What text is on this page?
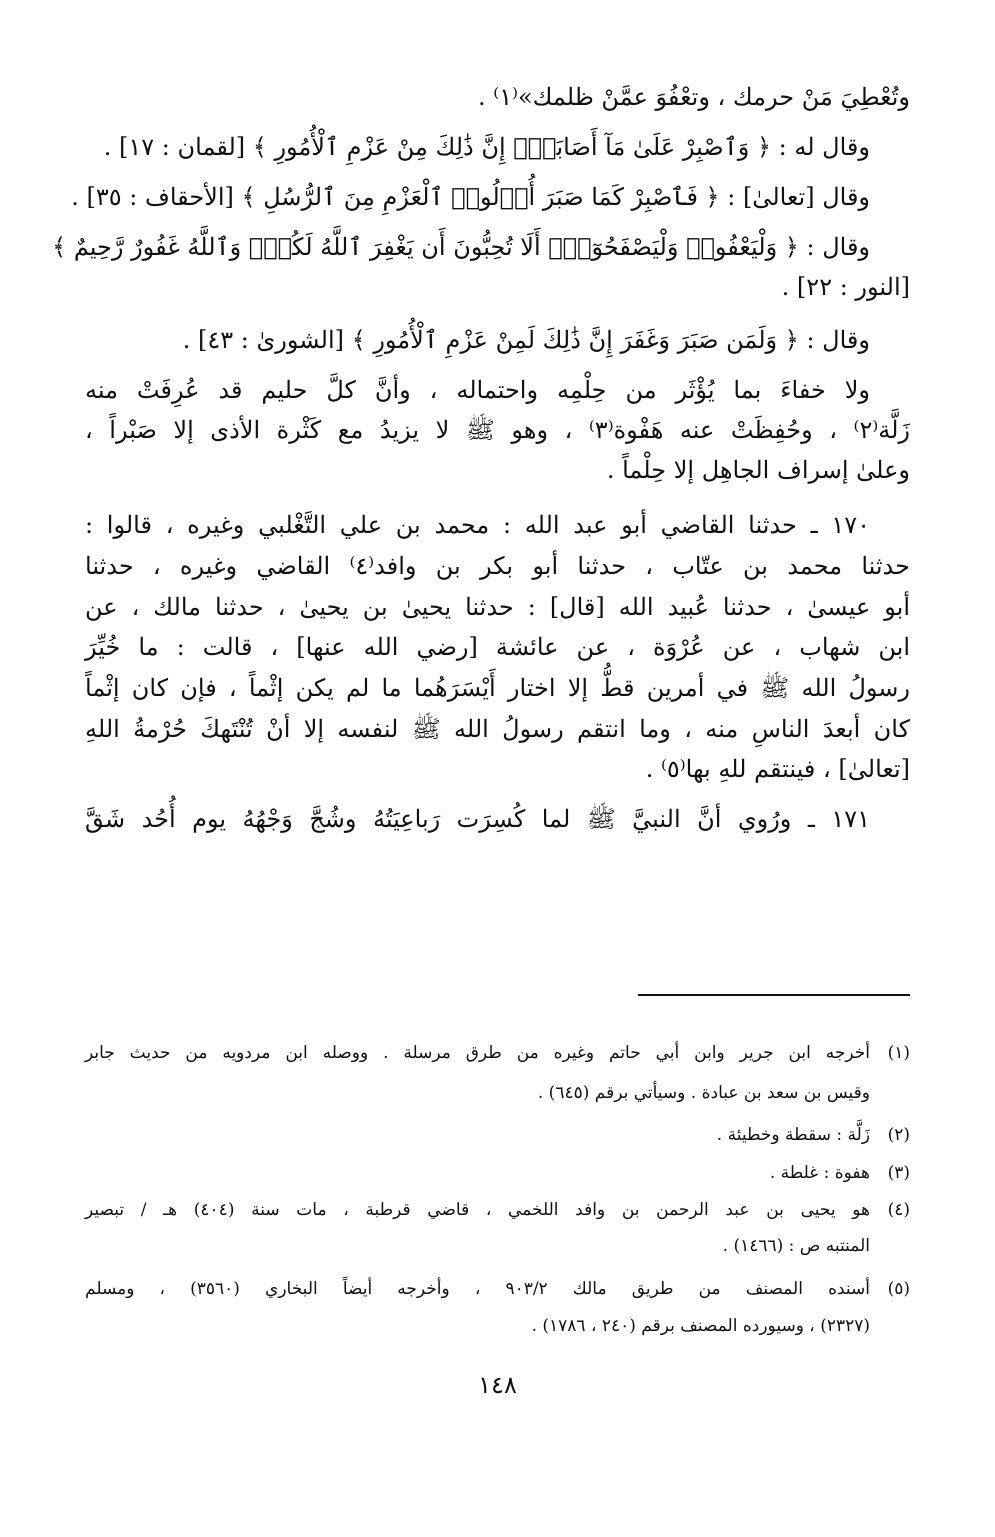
وتُعْطِيَ مَنْ حرمك ، وتعْفُوَ عمَّنْ ظلمك»⁽١⁾ .
وقال له : ﴿ وَٱصْبِرْ عَلَىٰ مَآ أَصَابَكَۖ إِنَّ ذَٰلِكَ مِنْ عَزْمِ ٱلْأُمُورِ ﴾ [لقمان : ١٧] .
وقال [تعالىٰ] : ﴿ فَٱصْبِرْ كَمَا صَبَرَ أُو۟لُوا۟ ٱلْعَزْمِ مِنَ ٱلرُّسُلِ ﴾ [الأحقاف : ٣٥] .
وقال : ﴿ وَلْيَعْفُوا۟ وَلْيَصْفَحُوٓا۟ۗ أَلَا تُحِبُّونَ أَن يَغْفِرَ ٱللَّهُ لَكُمْۗ وَٱللَّهُ غَفُورٌ رَّحِيمٌ ﴾
[النور : ٢٢] .
وقال : ﴿ وَلَمَن صَبَرَ وَغَفَرَ إِنَّ ذَٰلِكَ لَمِنْ عَزْمِ ٱلْأُمُورِ ﴾ [الشورىٰ : ٤٣] .
ولا خفاءَ بما يُؤْثَر من حِلْمِه واحتماله ، وأنَّ كلَّ حليم قد عُرِفَتْ منه
زَلَّة⁽٢⁾ ، وحُفِظَتْ عنه هَفْوة⁽٣⁾ ، وهو ﷺ لا يزيدُ مع كَثْرة الأذى إلا صَبْراً ،
وعلىٰ إسراف الجاهِل إلا حِلْماً .
١٧٠ ـ حدثنا القاضي أبو عبد الله : محمد بن علي التَّغْلبي وغيره ، قالوا :
حدثنا محمد بن عتّاب ، حدثنا أبو بكر بن وافد⁽٤⁾ القاضي وغيره ، حدثنا
أبو عيسىٰ ، حدثنا عُبيد الله [قال] : حدثنا يحيىٰ بن يحيىٰ ، حدثنا مالك ، عن
ابن شهاب ، عن عُرْوَة ، عن عائشة [رضي الله عنها] ، قالت : ما خُيِّرَ
رسولُ الله ﷺ في أمرين قطُّ إلا اختار أَيْسَرَهُما ما لم يكن إثْماً ، فإن كان إثْماً
كان أبعدَ الناسِ منه ، وما انتقم رسولُ الله ﷺ لنفسه إلا أنْ تُنْتَهكَ حُرْمةُ اللهِ
[تعالىٰ] ، فينتقم للهِ بها⁽٥⁾ .
١٧١ ـ ورُوي أنَّ النبيَّ ﷺ لما كُسِرَت رَباعِيَتُهُ وشُجَّ وَجْهُهُ يوم أُحُد شَقَّ
(١)
أخرجه ابن جرير وابن أبي حاتم وغيره من طرق مرسلة . ووصله ابن مردويه من حديث جابر
وقيس بن سعد بن عبادة . وسيأتي برقم (٦٤٥) .
(٢)
زَلَّة : سقطة وخطيئة .
(٣)
هفوة : غلطة .
(٤)
هو يحيى بن عبد الرحمن بن وافد اللخمي ، قاضي قرطبة ، مات سنة (٤٠٤) هـ / تبصير
المنتبه ص : (١٤٦٦) .
(٥)
أسنده المصنف من طريق مالك ٩٠٣/٢ ، وأخرجه أيضاً البخاري (٣٥٦٠) ، ومسلم
(٢٣٢٧) ، وسيورده المصنف برقم (٢٤٠ ، ١٧٨٦) .
١٤٨
